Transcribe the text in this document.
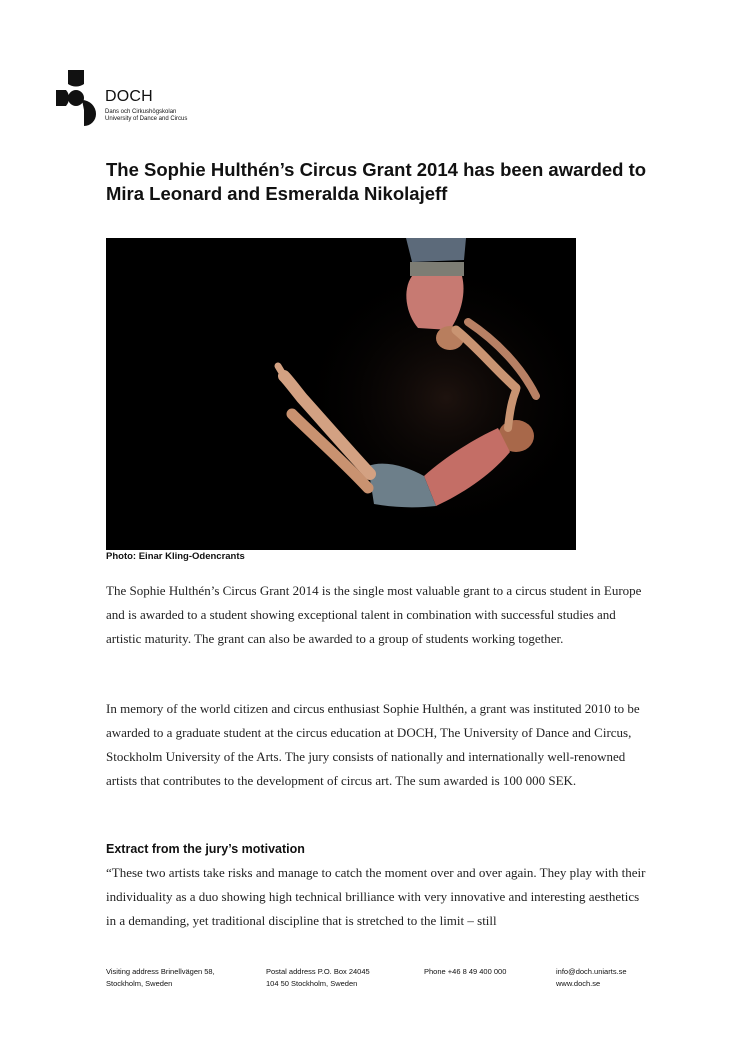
DOCH
Dans och Cirkushögskolan
University of Dance and Circus
The Sophie Hulthén’s Circus Grant 2014 has been awarded to Mira Leonard and Esmeralda Nikolajeff
Photo: Einar Kling-Odencrants

The Sophie Hulthén’s Circus Grant 2014 is the single most valuable grant to a circus student in Europe and is awarded to a student showing exceptional talent in combination with successful studies and artistic maturity. The grant can also be awarded to a group of students working together.

In memory of the world citizen and circus enthusiast Sophie Hulthén, a grant was instituted 2010 to be awarded to a graduate student at the circus education at DOCH, The University of Dance and Circus, Stockholm University of the Arts. The jury consists of nationally and internationally well-renowned artists that contributes to the development of circus art. The sum awarded is 100 000 SEK.

Extract from the jury’s motivation

“These two artists take risks and manage to catch the moment over and over again. They play with their individuality as a duo showing high technical brilliance with very innovative and interesting aesthetics in a demanding, yet traditional discipline that is stretched to the limit – still

Visiting address Brinellvägen 58,
Stockholm, Sweden
Postal address P.O. Box 24045
104 50 Stockholm, Sweden
Phone +46 8 49 400 000	info@doch.uniarts.se
www.doch.se
